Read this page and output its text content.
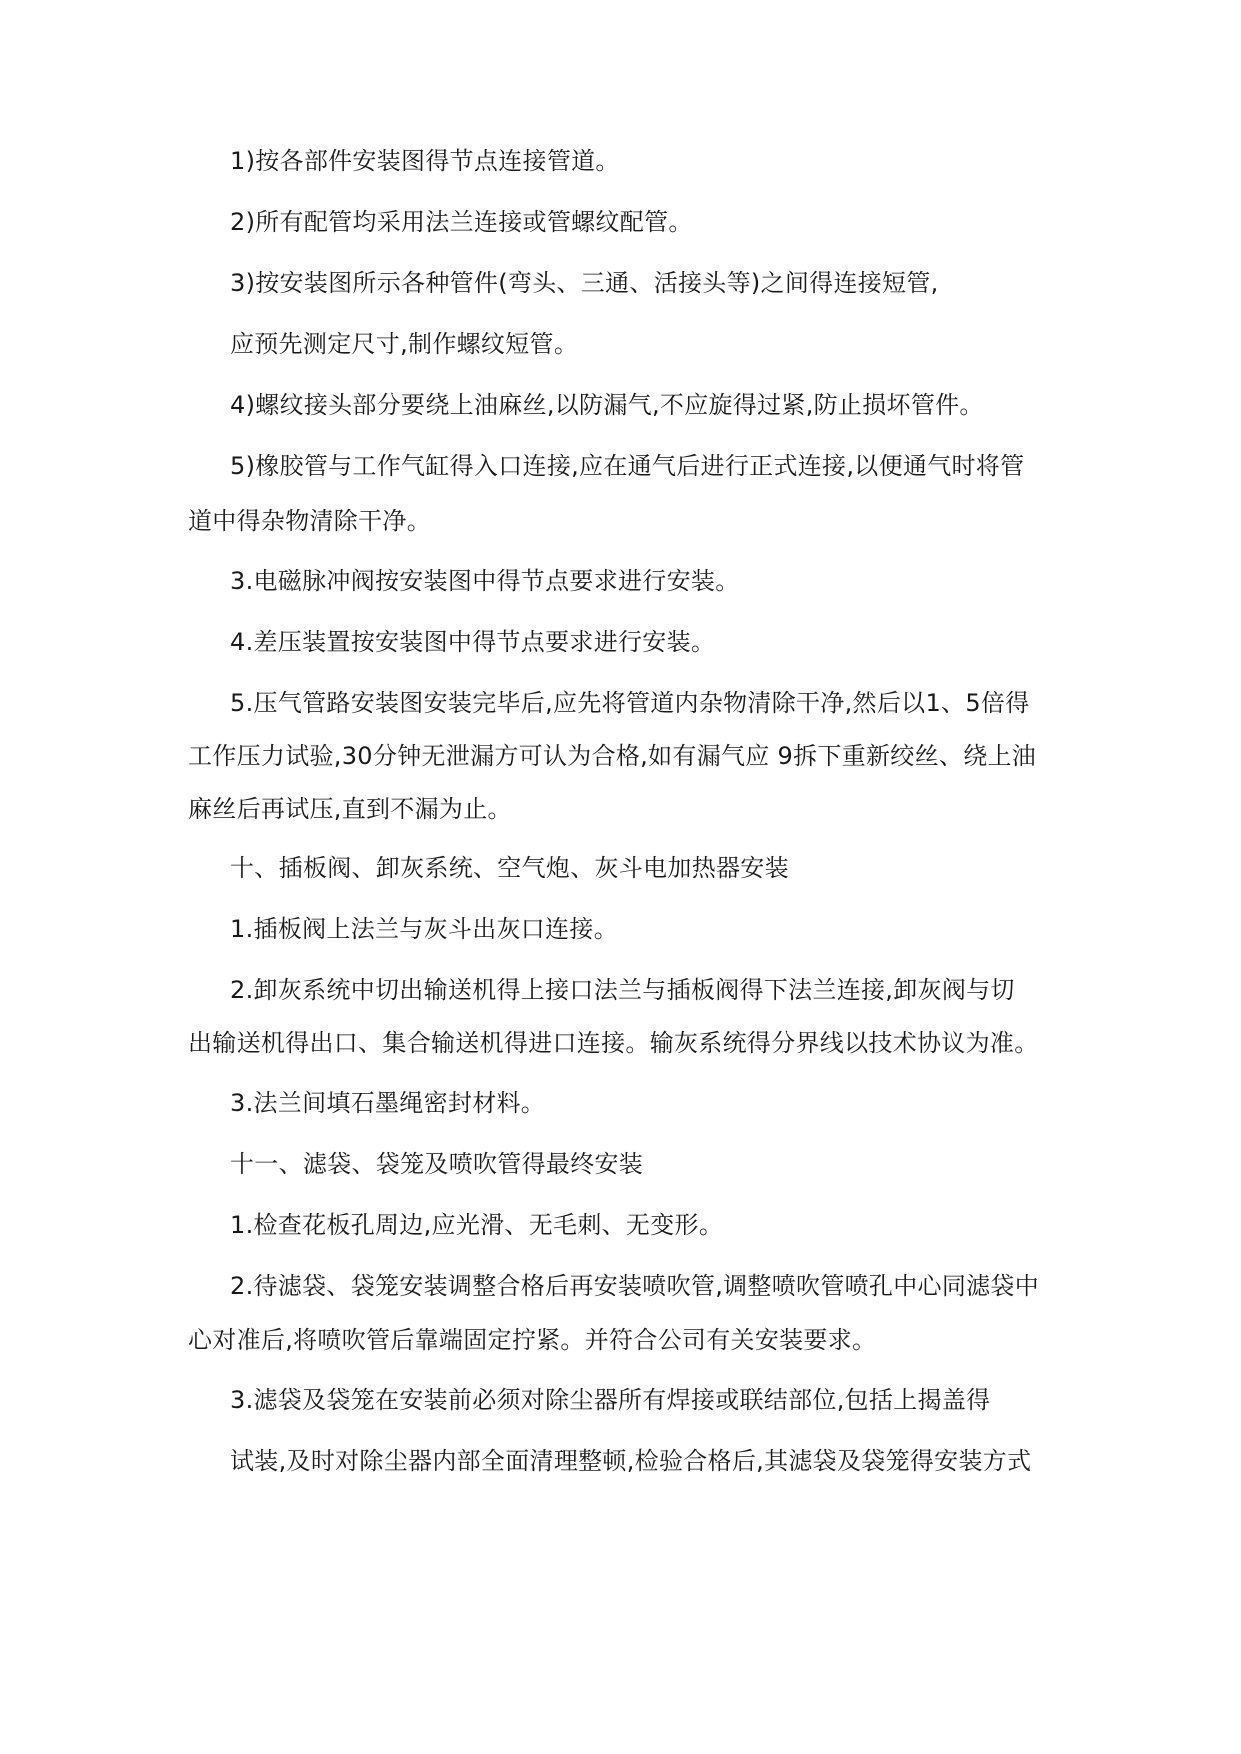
1)按各部件安装图得节点连接管道。
2)所有配管均采用法兰连接或管螺纹配管。
3)按安装图所示各种管件(弯头、三通、活接头等)之间得连接短管,
应预先测定尺寸,制作螺纹短管。
4)螺纹接头部分要绕上油麻丝,以防漏气,不应旋得过紧,防止损坏管件。
5)橡胶管与工作气缸得入口连接,应在通气后进行正式连接,以便通气时将管
道中得杂物清除干净。
3.电磁脉冲阀按安装图中得节点要求进行安装。
4.差压装置按安装图中得节点要求进行安装。
5.压气管路安装图安装完毕后,应先将管道内杂物清除干净,然后以1、5倍得
工作压力试验,30分钟无泄漏方可认为合格,如有漏气应 9拆下重新绞丝、绕上油
麻丝后再试压,直到不漏为止。
十、插板阀、卸灰系统、空气炮、灰斗电加热器安装
1.插板阀上法兰与灰斗出灰口连接。
2.卸灰系统中切出输送机得上接口法兰与插板阀得下法兰连接,卸灰阀与切
出输送机得出口、集合输送机得进口连接。输灰系统得分界线以技术协议为准。
3.法兰间填石墨绳密封材料。
十一、滤袋、袋笼及喷吹管得最终安装
1.检查花板孔周边,应光滑、无毛刺、无变形。
2.待滤袋、袋笼安装调整合格后再安装喷吹管,调整喷吹管喷孔中心同滤袋中
心对准后,将喷吹管后靠端固定拧紧。并符合公司有关安装要求。
3.滤袋及袋笼在安装前必须对除尘器所有焊接或联结部位,包括上揭盖得
试装,及时对除尘器内部全面清理整顿,检验合格后,其滤袋及袋笼得安装方式
